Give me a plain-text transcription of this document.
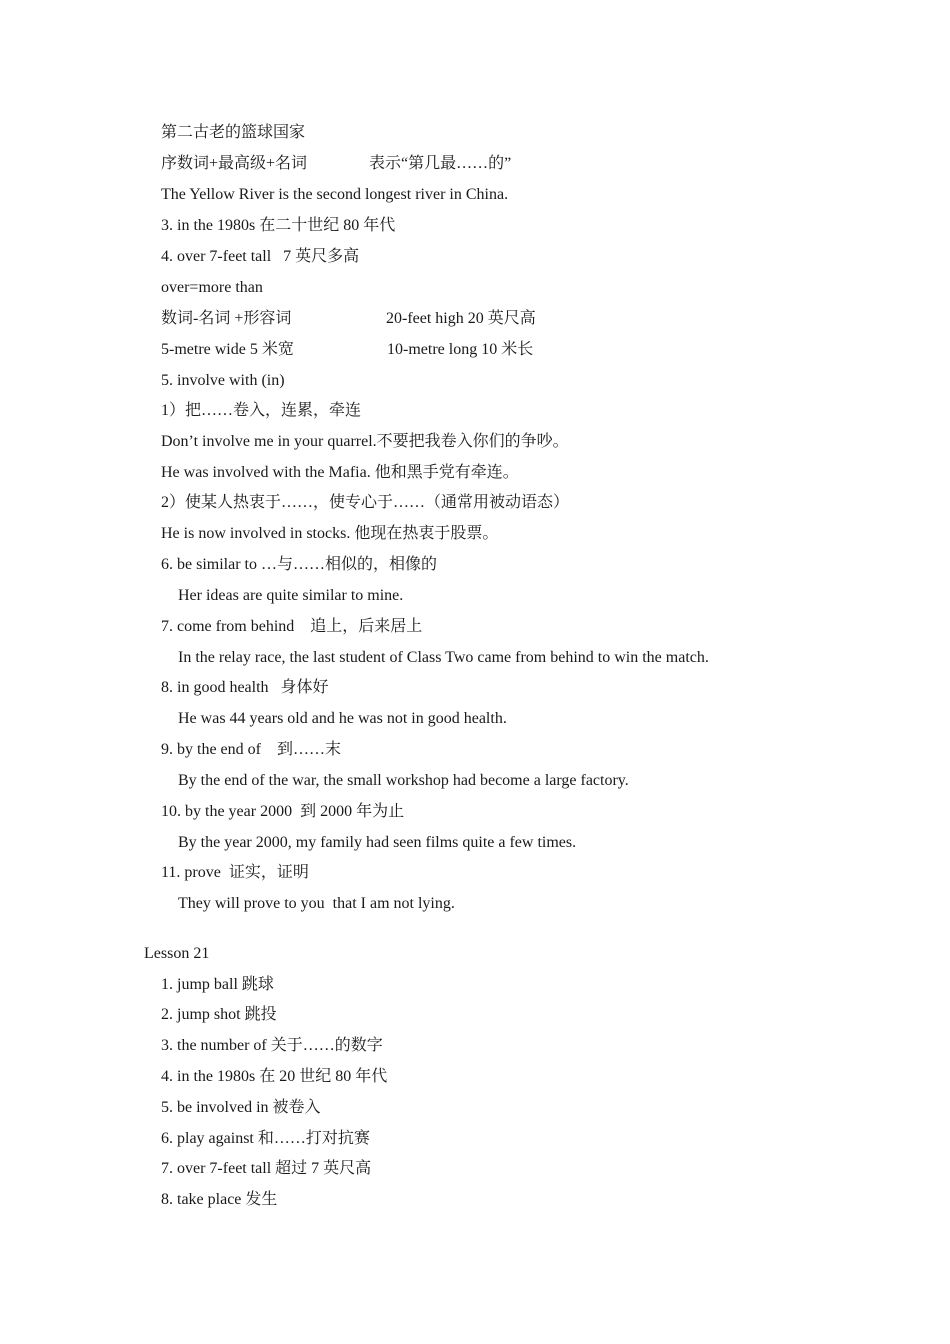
第二古老的篮球国家
序数词+最高级+名词	表示“第几最……的”
The Yellow River is the second longest river in China.
3. in the 1980s 在二十世纪 80 年代
4. over 7-feet tall   7 英尺多高
over=more than
数词-名词 +形容词	20-feet high 20 英尺高
5-metre wide 5 米宽	10-metre long 10 米长
5. involve with (in)
1）把……卷入，连累，牵连
Don’t involve me in your quarrel.不要把我卷入你们的争吵。
He was involved with the Mafia. 他和黑手党有牵连。
2）使某人热衷于……，使专心于……（通常用被动语态）
He is now involved in stocks. 他现在热衷于股票。
6. be similar to …与……相似的，相像的
Her ideas are quite similar to mine.
7. come from behind    追上，后来居上
In the relay race, the last student of Class Two came from behind to win the match.
8. in good health   身体好
He was 44 years old and he was not in good health.
9. by the end of    到……末
By the end of the war, the small workshop had become a large factory.
10. by the year 2000  到 2000 年为止
By the year 2000, my family had seen films quite a few times.
11. prove  证实，证明
They will prove to you  that I am not lying.
Lesson 21
1. jump ball 跳球
2. jump shot 跳投
3. the number of 关于……的数字
4. in the 1980s 在 20 世纪 80 年代
5. be involved in 被卷入
6. play against 和……打对抗赛
7. over 7-feet tall 超过 7 英尺高
8. take place 发生
